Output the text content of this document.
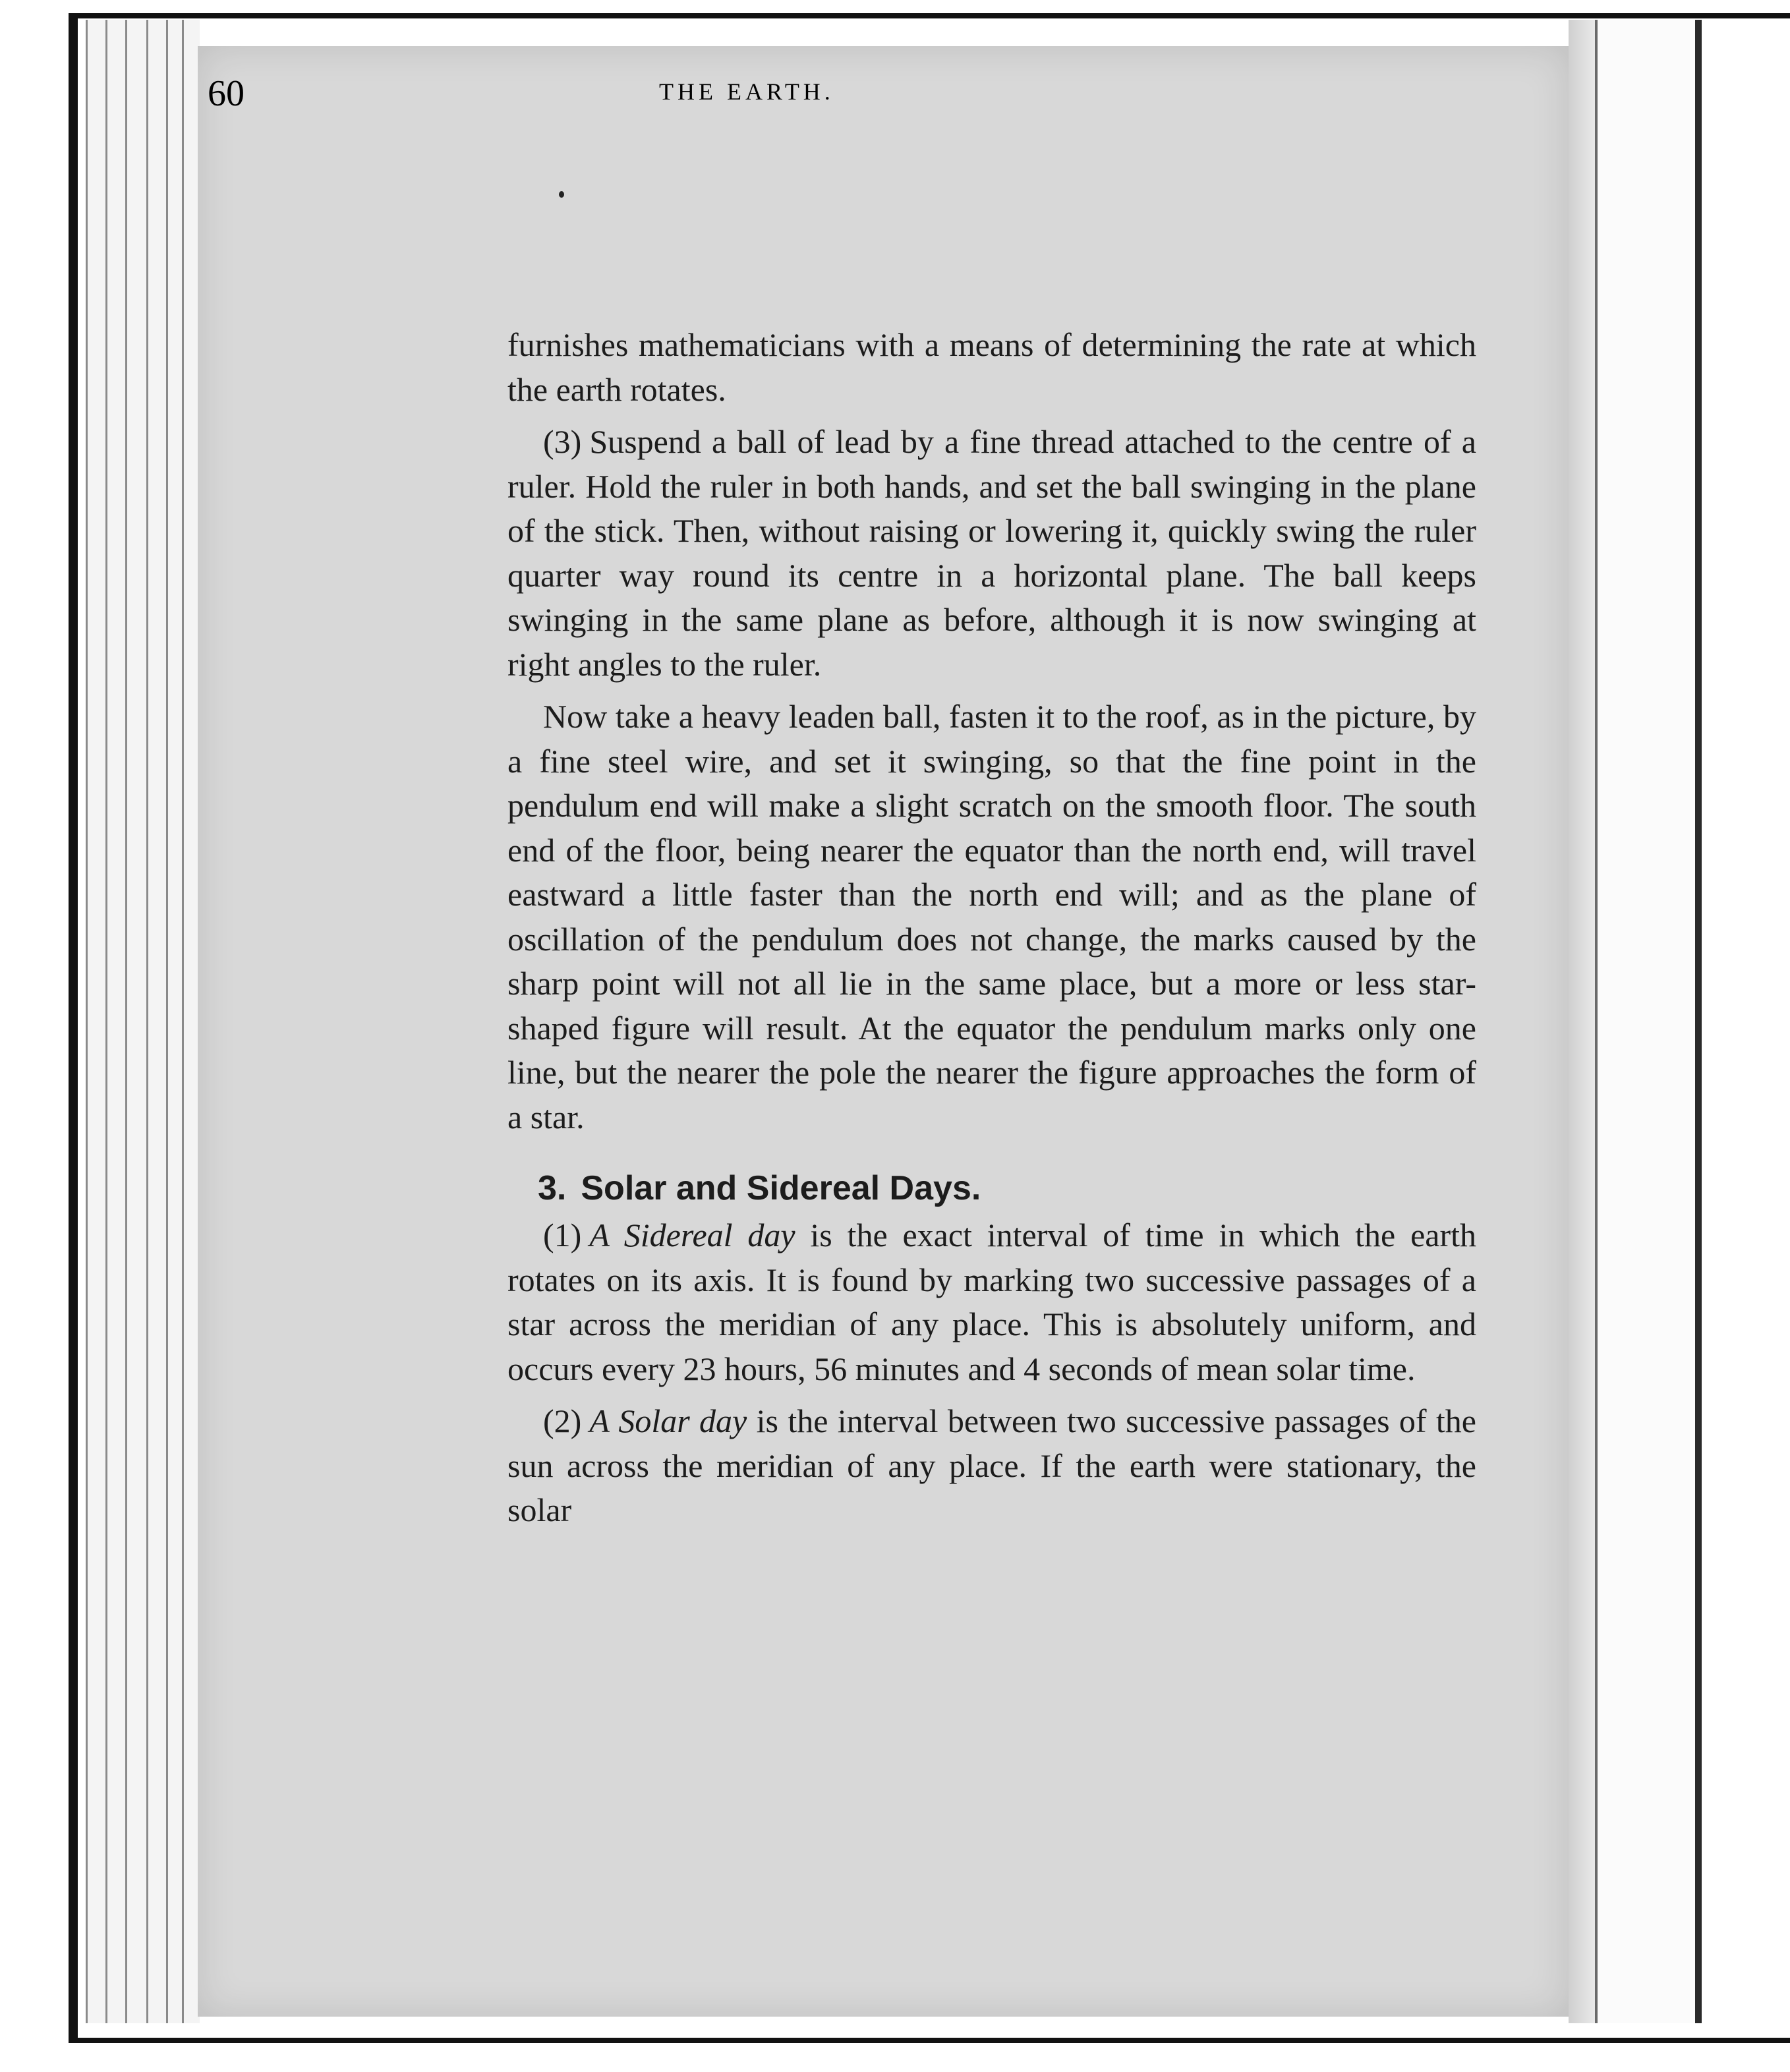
60	THE EARTH.

furnishes mathematicians with a means of determining the rate at which the earth rotates.

(3) Suspend a ball of lead by a fine thread attached to the centre of a ruler. Hold the ruler in both hands, and set the ball swinging in the plane of the stick. Then, without raising or lowering it, quickly swing the ruler quarter way round its centre in a horizontal plane. The ball keeps swinging in the same plane as before, although it is now swinging at right angles to the ruler.

Now take a heavy leaden ball, fasten it to the roof, as in the picture, by a fine steel wire, and set it swinging, so that the fine point in the pendulum end will make a slight scratch on the smooth floor. The south end of the floor, being nearer the equator than the north end, will travel eastward a little faster than the north end will; and as the plane of oscillation of the pendulum does not change, the marks caused by the sharp point will not all lie in the same place, but a more or less star-shaped figure will result. At the equator the pendulum marks only one line, but the nearer the pole the nearer the figure approaches the form of a star.

3. Solar and Sidereal Days.

(1) A Sidereal day is the exact interval of time in which the earth rotates on its axis. It is found by marking two successive passages of a star across the meridian of any place. This is absolutely uniform, and occurs every 23 hours, 56 minutes and 4 seconds of mean solar time.

(2) A Solar day is the interval between two successive passages of the sun across the meridian of any place. If the earth were stationary, the solar
